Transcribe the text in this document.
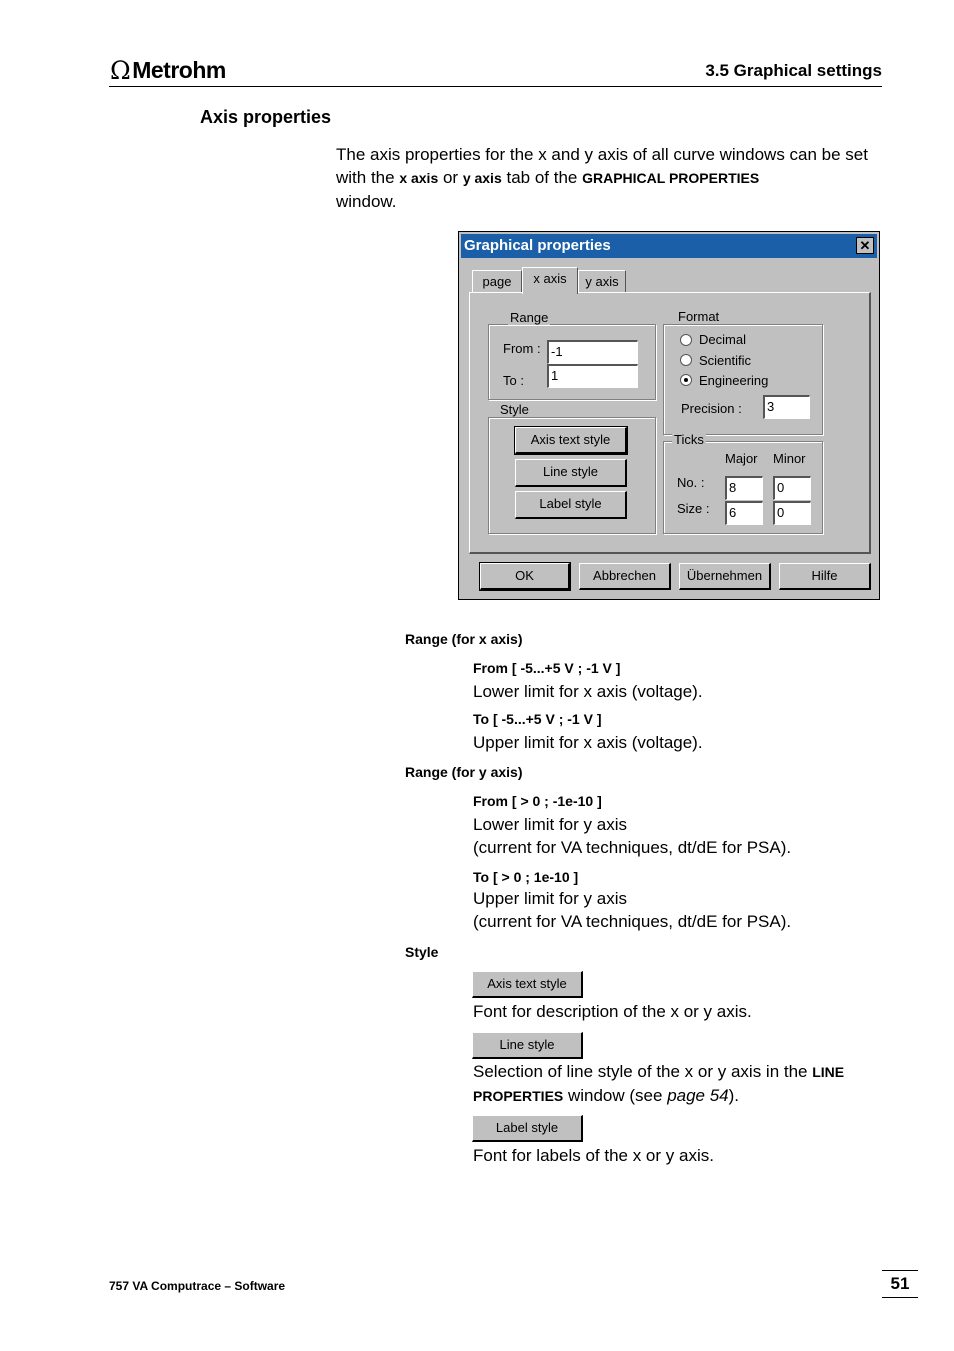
Ω Metrohm	3.5 Graphical settings
Axis properties
The axis properties for the x and y axis of all curve windows can be set with the x axis or y axis tab of the GRAPHICAL PROPERTIES
window.
Graphical properties	✕
page	x axis	y axis
Range
From : -1
To :	1
Style
Axis text style
Line style
Label style
Format
Decimal
Scientific
Engineering
Precision :	3
Ticks
Major Minor
No. :	8	0
Size :	6	0
OK	Abbrechen	Übernehmen	Hilfe
Range (for x axis)
From [ -5...+5 V ; -1 V ]
Lower limit for x axis (voltage).
To [ -5...+5 V ; -1 V ]
Upper limit for x axis (voltage).
Range (for y axis)
From [ > 0 ; -1e-10 ]
Lower limit for y axis
(current for VA techniques, dt/dE for PSA).
To [ > 0 ; 1e-10 ]
Upper limit for y axis
(current for VA techniques, dt/dE for PSA).
Style
Axis text style
Font for description of the x or y axis.
Line style
Selection of line style of the x or y axis in the LINE
PROPERTIES window (see page 54).
Label style
Font for labels of the x or y axis.
757 VA Computrace – Software	51
